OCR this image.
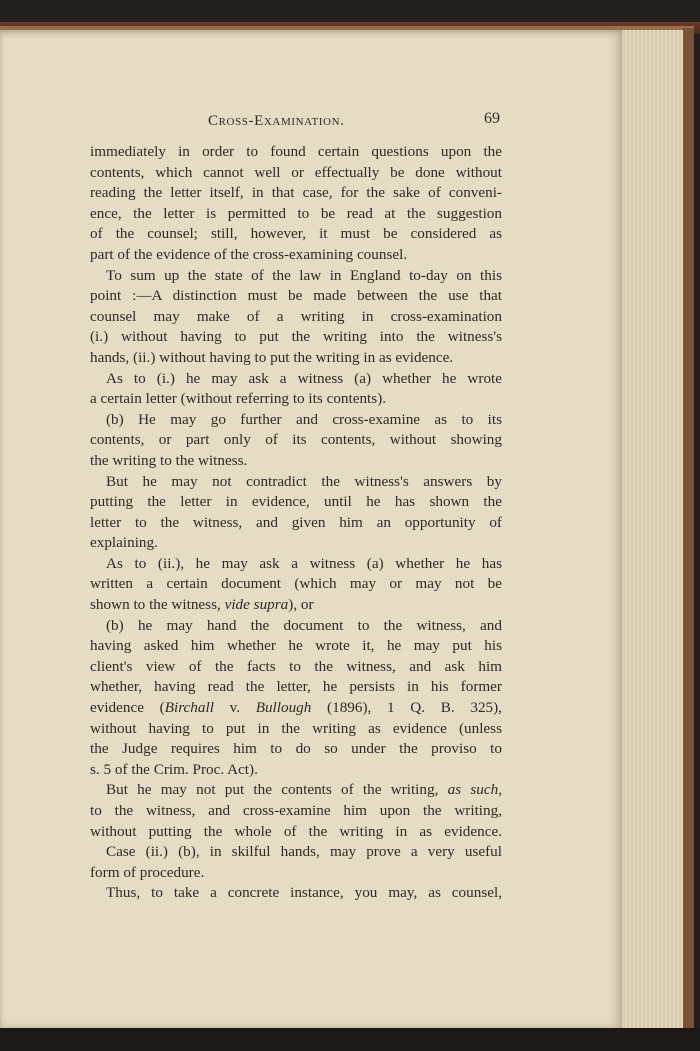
Cross-Examination.	69
immediately in order to found certain questions upon the
contents, which cannot well or effectually be done without
reading the letter itself, in that case, for the sake of conveni-
ence, the letter is permitted to be read at the suggestion
of the counsel; still, however, it must be considered as
part of the evidence of the cross-examining counsel.
To sum up the state of the law in England to-day on this
point :—A distinction must be made between the use that
counsel may make of a writing in cross-examination
(i.) without having to put the writing into the witness's
hands, (ii.) without having to put the writing in as evidence.
As to (i.) he may ask a witness (a) whether he wrote
a certain letter (without referring to its contents).
(b) He may go further and cross-examine as to its
contents, or part only of its contents, without showing
the writing to the witness.
But he may not contradict the witness's answers by
putting the letter in evidence, until he has shown the
letter to the witness, and given him an opportunity of
explaining.
As to (ii.), he may ask a witness (a) whether he has
written a certain document (which may or may not be
shown to the witness, vide supra), or
(b) he may hand the document to the witness, and
having asked him whether he wrote it, he may put his
client's view of the facts to the witness, and ask him
whether, having read the letter, he persists in his former
evidence (Birchall v. Bullough (1896), 1 Q. B. 325),
without having to put in the writing as evidence (unless
the Judge requires him to do so under the proviso to
s. 5 of the Crim. Proc. Act).
But he may not put the contents of the writing, as such,
to the witness, and cross-examine him upon the writing,
without putting the whole of the writing in as evidence.
Case (ii.) (b), in skilful hands, may prove a very useful
form of procedure.
Thus, to take a concrete instance, you may, as counsel,
